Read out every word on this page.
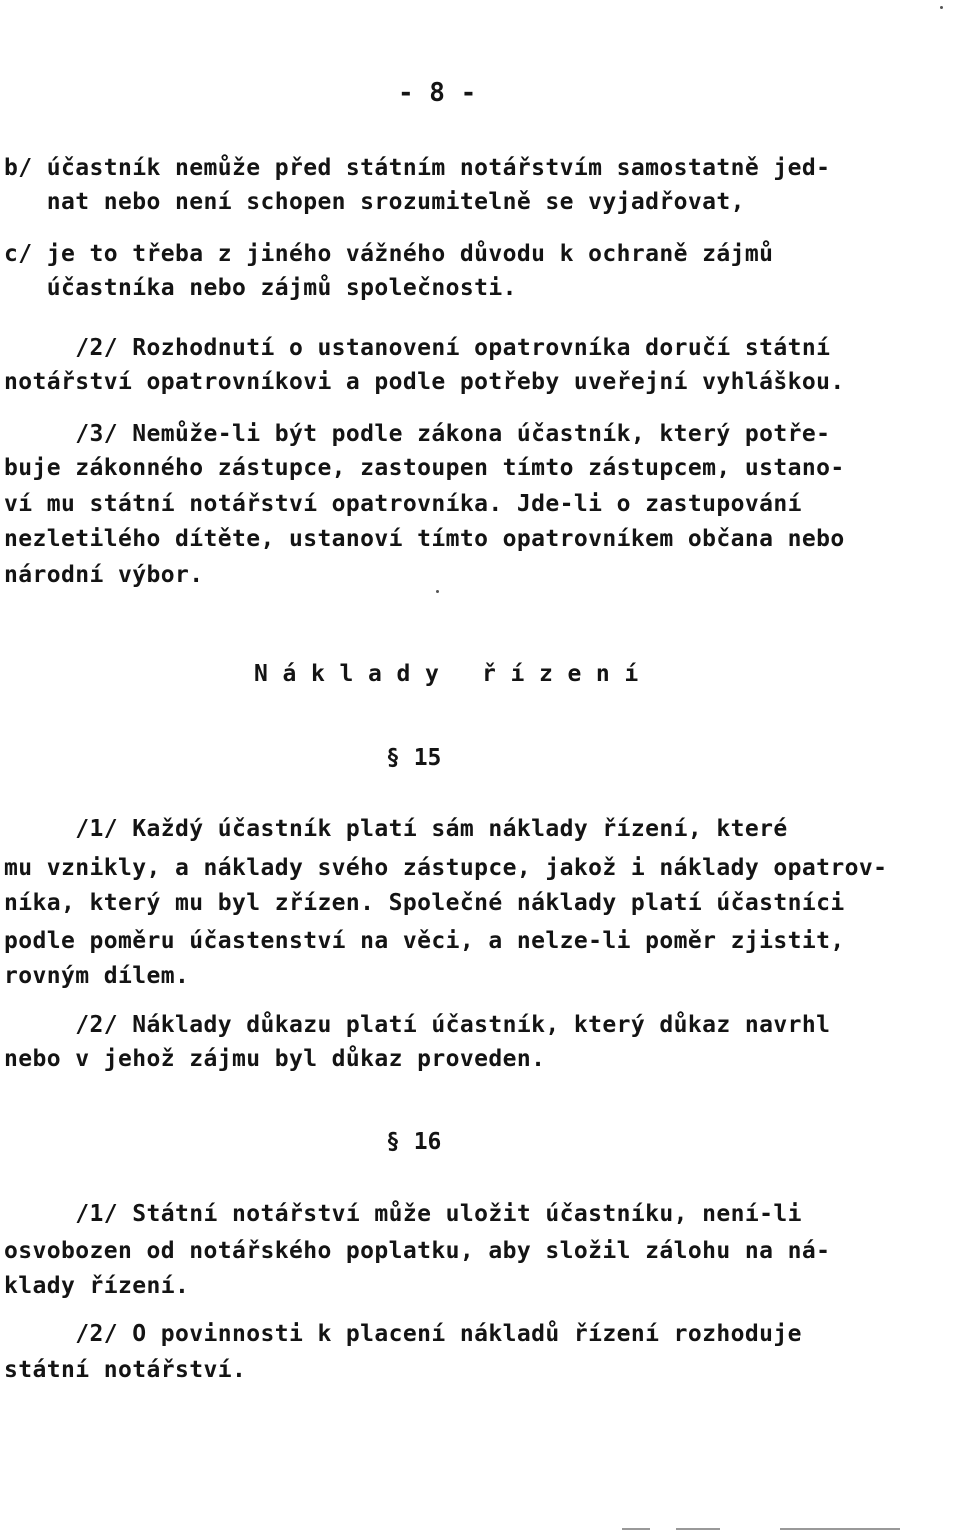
- 8 -
b/ účastník nemůže před státním notářstvím samostatně jed-
nat nebo není schopen srozumitelně se vyjadřovat,
c/ je to třeba z jiného vážného důvodu k ochraně zájmů
účastníka nebo zájmů společnosti.
/2/ Rozhodnutí o ustanovení opatrovníka doručí státní
notářství opatrovníkovi a podle potřeby uveřejní vyhláškou.
/3/ Nemůže-li být podle zákona účastník, který potře-
buje zákonného zástupce, zastoupen tímto zástupcem, ustano-
ví mu státní notářství opatrovníka. Jde-li o zastupování
nezletilého dítěte, ustanoví tímto opatrovníkem občana nebo
národní výbor.
N á k l a d y   ř í z e n í
§ 15
/1/ Každý účastník platí sám náklady řízení, které
mu vznikly, a náklady svého zástupce, jakož i náklady opatrov-
níka, který mu byl zřízen. Společné náklady platí účastníci
podle poměru účastenství na věci, a nelze-li poměr zjistit,
rovným dílem.
/2/ Náklady důkazu platí účastník, který důkaz navrhl
nebo v jehož zájmu byl důkaz proveden.
§ 16
/1/ Státní notářství může uložit účastníku, není-li
osvobozen od notářského poplatku, aby složil zálohu na ná-
klady řízení.
/2/ O povinnosti k placení nákladů řízení rozhoduje
státní notářství.
